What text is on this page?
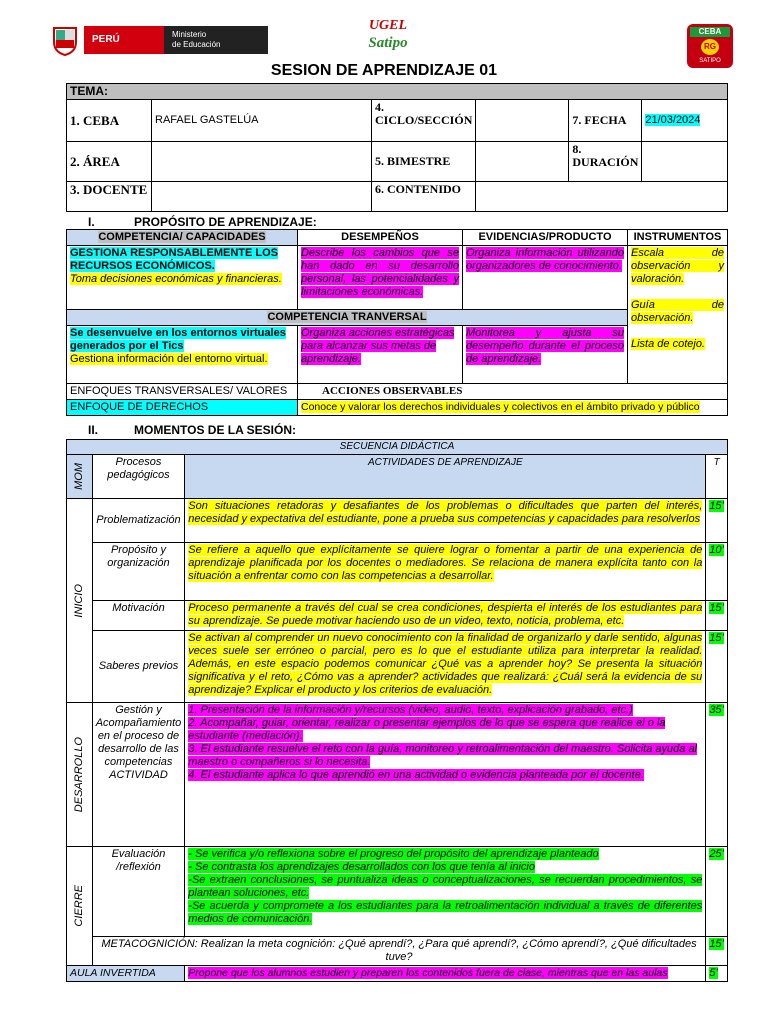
PERÚ	Ministerio
de Educación
UGEL
Satipo
CEBA
RG
SATIPO
SESION DE APRENDIZAJE 01
TEMA:					
1. CEBA	RAFAEL GASTELÚA	4. CICLO/SECCIÓN		7. FECHA	21/03/2024
2. ÁREA		5. BIMESTRE		8. DURACIÓN	
3. DOCENTE		6. CONTENIDO			
I.	PROPÓSITO DE APRENDIZAJE:
COMPETENCIA/ CAPACIDADES	DESEMPEÑOS	EVIDENCIAS/PRODUCTO	INSTRUMENTOS
GESTIONA RESPONSABLEMENTE LOS RECURSOS ECONÓMICOS.
Toma decisiones económicas y financieras.	Describe los cambios que se han dado en su desarrollo personal, las potencialidades y limitaciones económicas.	Organiza información utilizando organizadores de conocimiento.	Escala de observación y valoración.

Guía de observación.

Lista de cotejo.
COMPETENCIA TRANVERSAL			
Se desenvuelve en los entornos virtuales generados por el Tics
Gestiona información del entorno virtual.	Organiza acciones estratégicas para alcanzar sus metas de aprendizaje.	Monitorea y ajusta su desempeño durante el proceso de aprendizaje.	
ENFOQUES TRANSVERSALES/ VALORES	ACCIONES OBSERVABLES		
ENFOQUE DE DERECHOS	Conoce y valorar los derechos individuales y colectivos en el ámbito privado y público		
II.	MOMENTOS DE LA SESIÓN:
SECUENCIA DIDÁCTICA			

MOM	Procesos pedagógicos	ACTIVIDADES DE APRENDIZAJE	T

INICIO	Problematización	Son situaciones retadoras y desafiantes de los problemas o dificultades que parten del interés, necesidad y expectativa del estudiante, pone a prueba sus competencias y capacidades para resolverlos	15’
	Propósito y organización	Se refiere a aquello que explícitamente se quiere lograr o fomentar a partir de una experiencia de aprendizaje planificada por los docentes o mediadores. Se relaciona de manera explícita tanto con la situación a enfrentar como con las competencias a desarrollar.	10’
	Motivación	Proceso permanente a través del cual se crea condiciones, despierta el interés de los estudiantes para su aprendizaje. Se puede motivar haciendo uso de un video, texto, noticia, problema, etc.	15’
	Saberes previos	Se activan al comprender un nuevo conocimiento con la finalidad de organizarlo y darle sentido, algunas veces suele ser erróneo o parcial, pero es lo que el estudiante utiliza para interpretar la realidad. Además, en este espacio podemos comunicar ¿Qué vas a aprender hoy? Se presenta la situación significativa y el reto, ¿Cómo vas a aprender? actividades que realizará: ¿Cuál será la evidencia de su aprendizaje? Explicar el producto y los criterios de evaluación.	15’

DESARROLLO	Gestión y Acompañamiento en el proceso de desarrollo de las competencias ACTIVIDAD	1. Presentación de la información y/recursos (video, audio, texto, explicación grabado, etc.)
2. Acompañar, guiar, orientar, realizar o presentar ejemplos de lo que se espera que realice el o la estudiante (mediación).
3. El estudiante resuelve el reto con la guía, monitoreo y retroalimentación del maestro. Solicita ayuda al maestro o compañeros si lo necesita.
4. El estudiante aplica lo que aprendió en una actividad o evidencia planteada por el docente.	35’

CIERRE	Evaluación /reflexión	- Se verifica y/o reflexiona sobre el progreso del propósito del aprendizaje planteado
- Se contrasta los aprendizajes desarrollados con los que tenía al inicio
-Se extraen conclusiones, se puntualiza ideas o conceptualizaciones, se recuerdan procedimientos, se plantean soluciones, etc.
-Se acuerda y compromete a los estudiantes para la retroalimentación individual a través de diferentes medios de comunicación.	25’
	METACOGNICIÓN: Realizan la meta cognición: ¿Qué aprendí?, ¿Para qué aprendí?, ¿Cómo aprendí?, ¿Qué dificultades tuve?		15’
AULA INVERTIDA		Propone que los alumnos estudien y preparen los contenidos fuera de clase, mientras que en las aulas	5’
